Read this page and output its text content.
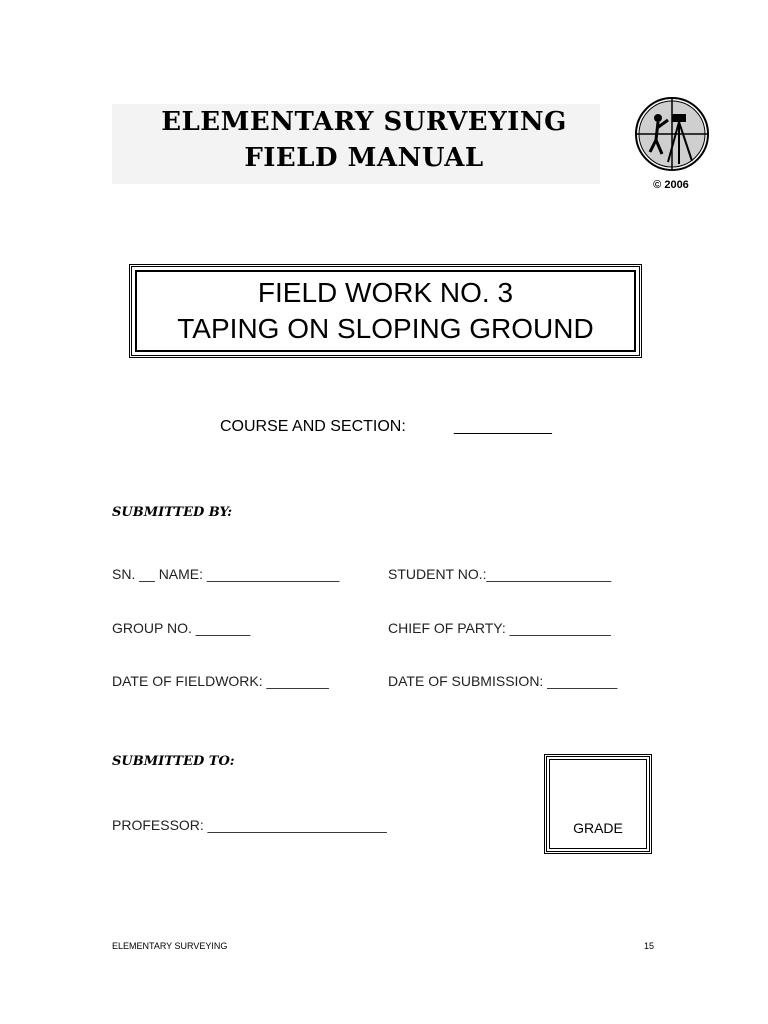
ELEMENTARY SURVEYING
FIELD MANUAL
© 2006
FIELD WORK NO. 3
TAPING ON SLOPING GROUND
COURSE AND SECTION:	___________
SUBMITTED BY:
SN. __ NAME: _________________	STUDENT NO.:________________
GROUP NO. _______	CHIEF OF PARTY: _____________
DATE OF FIELDWORK: ________	DATE OF SUBMISSION: _________
SUBMITTED TO:
PROFESSOR: _______________________	GRADE
ELEMENTARY SURVEYING	15
